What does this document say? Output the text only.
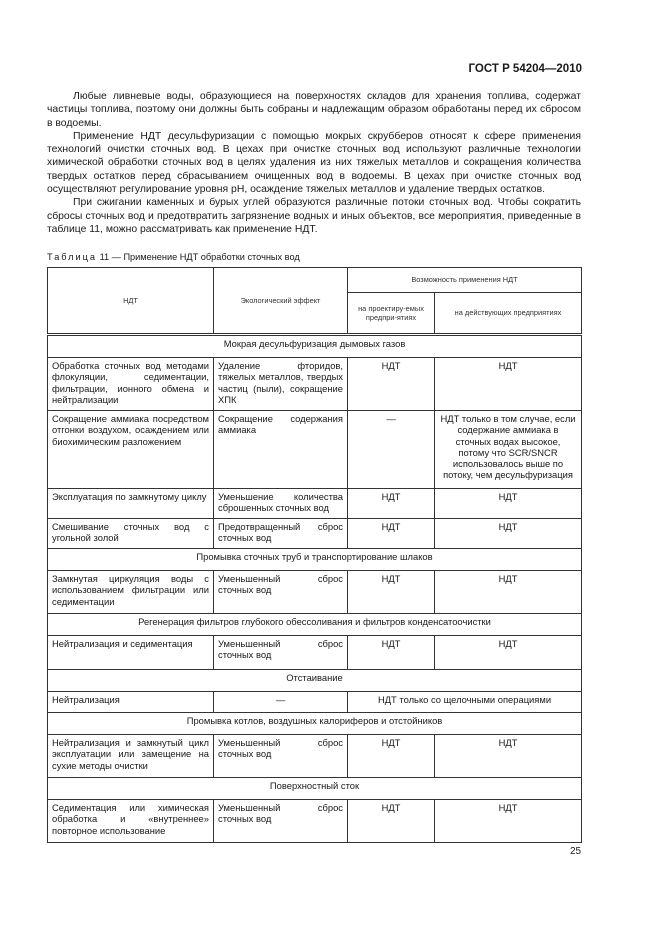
ГОСТ Р 54204—2010

Любые ливневые воды, образующиеся на поверхностях складов для хранения топлива, содержат частицы топлива, поэтому они должны быть собраны и надлежащим образом обработаны перед их сбросом в водоемы.

Применение НДТ десульфуризации с помощью мокрых скрубберов относят к сфере применения технологий очистки сточных вод. В цехах при очистке сточных вод используют различные технологии химической обработки сточных вод в целях удаления из них тяжелых металлов и сокращения количества твердых остатков перед сбрасыванием очищенных вод в водоемы. В цехах при очистке сточных вод осуществляют регулирование уровня pH, осаждение тяжелых металлов и удаление твердых остатков.

При сжигании каменных и бурых углей образуются различные потоки сточных вод. Чтобы сократить сбросы сточных вод и предотвратить загрязнение водных и иных объектов, все мероприятия, приведенные в таблице 11, можно рассматривать как применение НДТ.

Таблица 11 — Применение НДТ обработки сточных вод
НДТ	Экологический эффект	Возможность применения НДТ	
		на проектиру-емых предпри-ятиях	на действующих предприятиях
Мокрая десульфуризация дымовых газов			
Обработка сточных вод методами флокуляции, седиментации, фильтрации, ионного обмена и нейтрализации	Удаление фторидов, тяжелых металлов, твердых частиц (пыли), сокращение ХПК	НДТ	НДТ
Сокращение аммиака посредством отгонки воздухом, осаждением или биохимическим разложением	Сокращение содержания аммиака	—	НДТ только в том случае, если содержание аммиака в сточных водах высокое, потому что SCR/SNCR использовалось выше по потоку, чем десульфуризация
Эксплуатация по замкнутому циклу	Уменьшение количества сброшенных сточных вод	НДТ	НДТ
Смешивание сточных вод с угольной золой	Предотвращенный сброс сточных вод	НДТ	НДТ
Промывка сточных труб и транспортирование шлаков			
Замкнутая циркуляция воды с использованием фильтрации или седиментации	Уменьшенный сброс сточных вод	НДТ	НДТ
Регенерация фильтров глубокого обессоливания и фильтров конденсатоочистки			
Нейтрализация и седиментация	Уменьшенный сброс сточных вод	НДТ	НДТ
Отстаивание			
Нейтрализация	—	НДТ только со щелочными операциями	
Промывка котлов, воздушных калориферов и отстойников			
Нейтрализация и замкнутый цикл эксплуатации или замещение на сухие методы очистки	Уменьшенный сброс сточных вод	НДТ	НДТ
Поверхностный сток			
Седиментация или химическая обработка и «внутреннее» повторное использование	Уменьшенный сброс сточных вод	НДТ	НДТ
25
